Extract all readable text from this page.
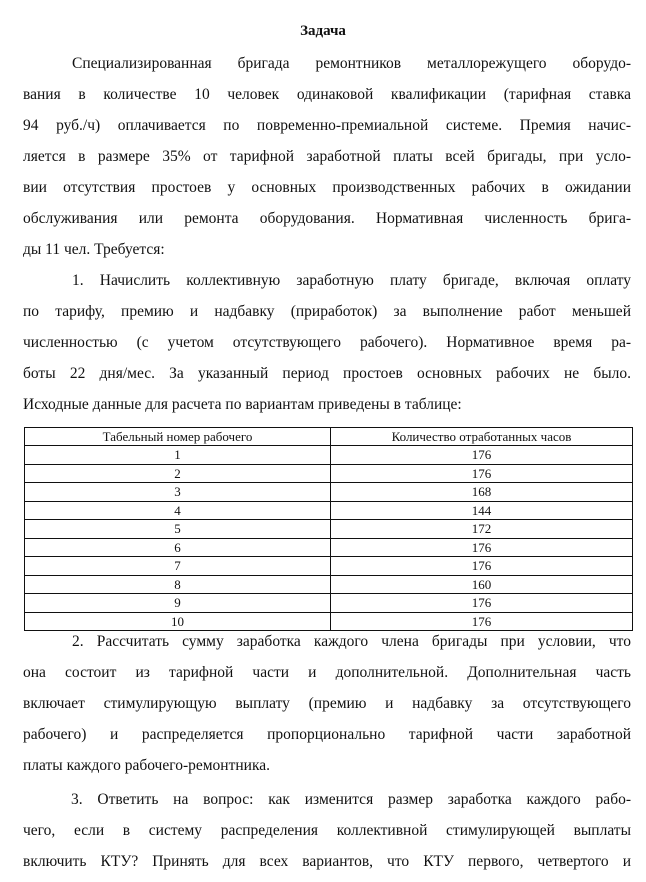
Задача
Специализированная бригада ремонтников металлорежущего оборудо-
вания в количестве 10 человек одинаковой квалификации (тарифная ставка
94 руб./ч) оплачивается по повременно-премиальной системе. Премия начис-
ляется в размере 35% от тарифной заработной платы всей бригады, при усло-
вии отсутствия простоев у основных производственных рабочих в ожидании
обслуживания или ремонта оборудования. Нормативная численность брига-
ды 11 чел. Требуется:
1. Начислить коллективную заработную плату бригаде, включая оплату
по тарифу, премию и надбавку (приработок) за выполнение работ меньшей
численностью (с учетом отсутствующего рабочего). Нормативное время ра-
боты 22 дня/мес. За указанный период простоев основных рабочих не было.
Исходные данные для расчета по вариантам приведены в таблице:
Табельный номер рабочего	Количество отработанных часов
1	176
2	176
3	168
4	144
5	172
6	176
7	176
8	160
9	176
10	176
2. Рассчитать сумму заработка каждого члена бригады при условии, что
она состоит из тарифной части и дополнительной. Дополнительная часть
включает стимулирующую выплату (премию и надбавку за отсутствующего
рабочего) и распределяется пропорционально тарифной части заработной
платы каждого рабочего-ремонтника.
3. Ответить на вопрос: как изменится размер заработка каждого рабо-
чего, если в систему распределения коллективной стимулирующей выплаты
включить КТУ? Принять для всех вариантов, что КТУ первого, четвертого и
